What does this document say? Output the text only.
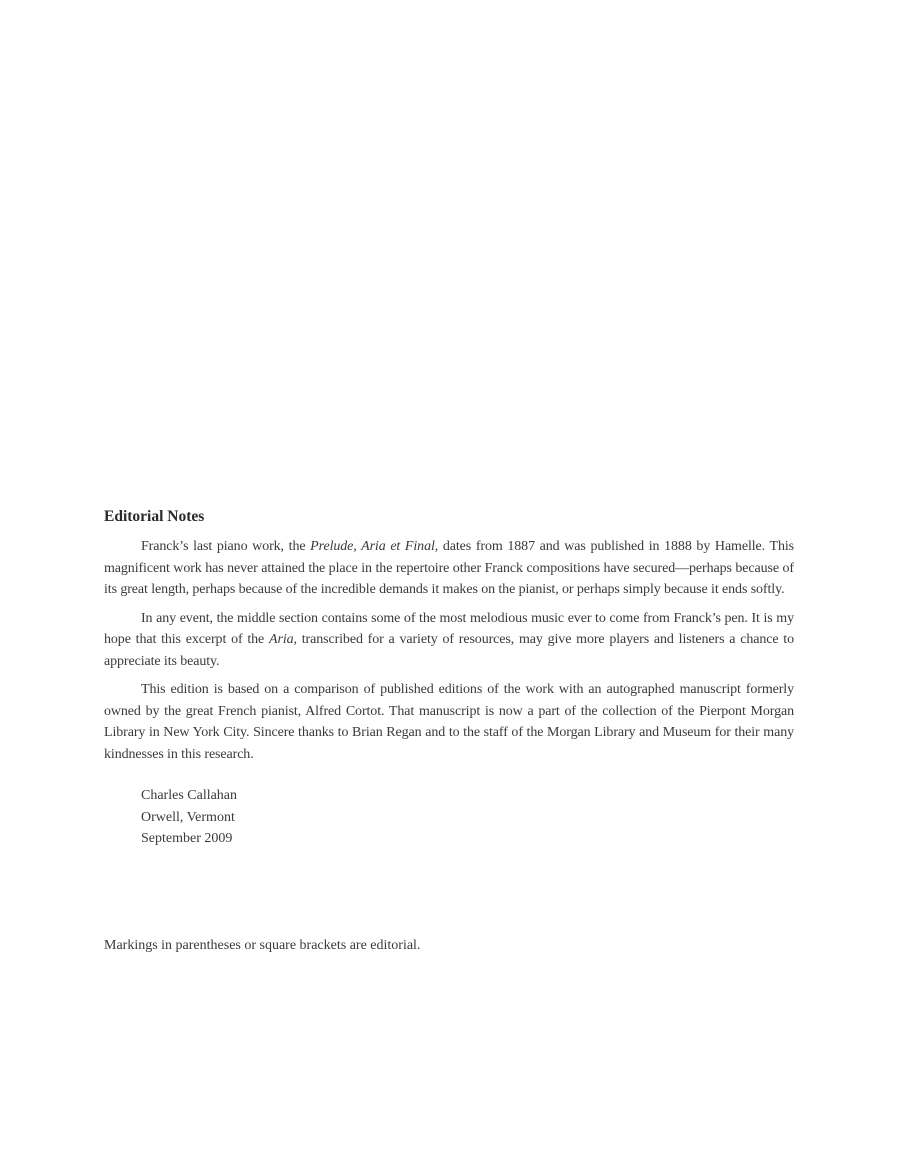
Editorial Notes

Franck’s last piano work, the Prelude, Aria et Final, dates from 1887 and was published in 1888 by Hamelle. This magnificent work has never attained the place in the repertoire other Franck compositions have secured—perhaps because of its great length, perhaps because of the incredible demands it makes on the pianist, or perhaps simply because it ends softly.

In any event, the middle section contains some of the most melodious music ever to come from Franck’s pen. It is my hope that this excerpt of the Aria, transcribed for a variety of resources, may give more players and listeners a chance to appreciate its beauty.

This edition is based on a comparison of published editions of the work with an autographed manuscript formerly owned by the great French pianist, Alfred Cortot. That manuscript is now a part of the collection of the Pierpont Morgan Library in New York City. Sincere thanks to Brian Regan and to the staff of the Morgan Library and Museum for their many kindnesses in this research.

Charles Callahan
Orwell, Vermont
September 2009
Markings in parentheses or square brackets are editorial.
